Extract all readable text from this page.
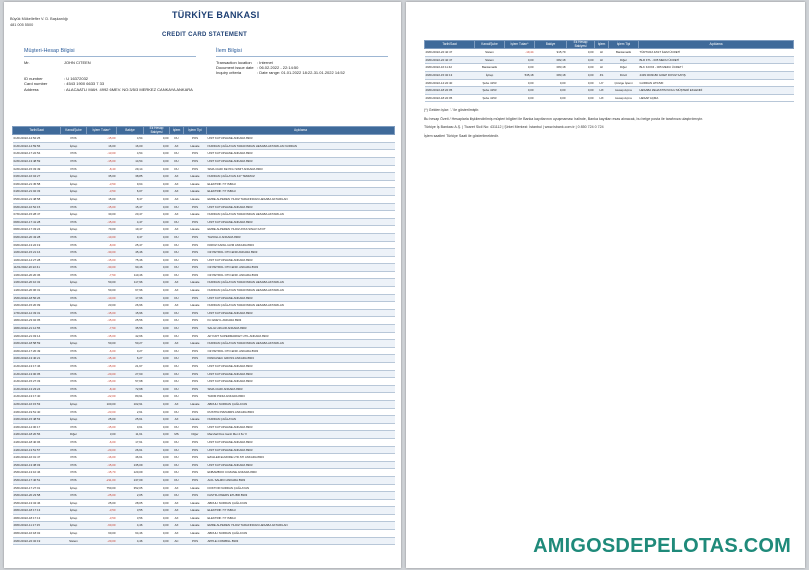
Büyük Mükellefler V. D. Başkanlığı
481 005 5500
TÜRKİYE BANKASI
CREDIT CARD STATEMENT
Müşteri-Hesap Bilgisi	İlem Bilgisi
Mr.	JOHN CITEEN
ID number	: U 16372032
Card number	: 4543 1900 6633 7 33
Address	: ALACAATLI MAH. 4992 6MEV. NO:3/5/3 MERKEZ CANKAYA ANKARA
Transaction location : Internet
Document issue date : 06.02.2022 - 22:14:50
Inquiry criteria	: Date range: 01.01.2022 18:22-31.01.2022 14:52
Tarih/Saat	Kanal/Şube	İşlem Tutarı*	Bakiye	Ek Hesap Bakiyesi	İşlem	İşlem Tipi	Açıklama
01/01/2022-14:52:25	POS	-15,00	4,54	0,00	DU	POS	UNIT KUTUPHANE ANKARA 8903
01/01/2022-14:59:56	İşCep	16,00	16,00	0,00	AX	Havale	NURDAN ÇAĞLAYAN TARAFINDAN HESABA AKTARILAN NURDAN
01/01/2022-17:22:54	POS	-13,00	4,54	0,00	DU	POS	UNIT KUTUPHANE ANKARA 8903
02/01/2022-13:48:59	POS	-15,00	14,54	0,00	DU	POS	UNIT KUTUPHANE ANKARA 8903
02/01/2022-15:33:49	POS	-8,40	29,14	0,00	DU	POS	SIMA CIADI KEYIFLI SIMIT ANKARA 8903
03/01/2022-16:04:27	İşCep	35,00	38,85	0,00	AX	Havale	NURDAN ÇAĞLAYAN 447 TEMMUZ
03/01/2022-21:45:58	İşCep	-3,50	9,64	0,00	AX	Havale	ELEKTRIK 7/7 ISBAU
04/01/2022-21:02:33	İşCep	-3,50	6,07	0,00	AX	Havale	ELEKTRIK 7/7 ISBAU
05/01/2022-21:48:58	İşCep	15,00	8,47	0,00	AX	Havale	EMRE ALPEREN YILDIZ TARAFINDAN HESABA AKTARILAN
06/01/2022-16:52:15	POS	-15,00	15,47	0,00	DU	POS	UNIT KUTUPHANE ANKARA 8903
07/01/2022-15:28:47	İşCep	30,00	20,47	0,00	AX	Havale	NURDAN ÇAĞLAYAN TARAFINDAN HESABA AKTARILAN
08/01/2022-17:41:28	POS	-15,00	4,47	0,00	DU	POS	UNIT KUTUPHANE ANKARA 8903
08/01/2022-17:33:24	İşCep	70,00	19,47	0,00	AX	Havale	EMRE ALPEREN YILDIZ ATAS SINAV KAYIT
09/01/2022-20:43:28	POS	-10,00	9,47	0,00	DU	POS	TAZOGLU ANKARA 8903
09/01/2022-13:22:19	POS	-8,00	25,47	0,00	DU	POS	KIRKIZ KAPALI AVM ANKARA 8903
10/01/2022-15:21:16	POS	-30,00	45,46	0,00	DU	POS	OZ PETROL OTO.ENR ANKARA 8903
10/01/2022-14:27:28	POS	-15,00	75,46	0,00	DU	POS	UNIT KUTUPHANE ANKARA 8903
11/01/2022-20:22:41	POS	-30,00	90,46	0,00	DU	POS	OZ PETROL OTO.ENR. ANKARA 8903
13/01/2022-20:20:36	POS	-7,50	110,46	0,00	DU	POS	OZ PETROL OTO.ENR. ANKARA 8903
13/01/2022-20:10:32	İşCep	50,00	117,96	0,00	AX	Havale	NURDAN ÇAĞLAYAN TARAFINDAN HESABA AKTARILAN
14/01/2022-20:06:31	İşCep	50,00	67,96	0,00	AX	Havale	NURDAN ÇAĞLAYAN TARAFINDAN HESABA AKTARILAN
15/01/2022-18:56:26	POS	-10,00	17,96	0,00	DU	POS	UNIT KUTUPHANE ANKARA 8903
16/01/2022-15:20:09	İşCep	23,00	26,96	0,00	AX	Havale	NURDAN ÇAĞLAYAN TARAFINDAN HESABA AKTARILAN
17/01/2022-12:33:31	POS	-15,00	15,96	0,00	DU	POS	UNIT KUTUPHANE ANKARA 8903
18/01/2022-23:02:05	POS	-15,00	25,56	0,00	DU	POS	KC ENEYL ANKARA 8903
18/01/2022-21:12:55	POS	-7,50	35,56	0,00	DU	POS	SALIH UZGUR ANKARA 8903
19/01/2022-21:03:14	POS	-15,00	42,66	0,00	DU	POS	AKYURT SUPERMARKET UTIL ANKARA 8903
20/01/2022-18:58:59	İşCep	50,00	50,27	0,00	AX	Havale	NURDAN ÇAĞLAYAN TARAFINDAN HESABA AKTARILAN
20/01/2022-17:20:49	POS	-6,00	0,27	0,00	DU	POS	OZ PETROL OTO.ENR. ANKARA 8903
20/01/2022-13:40:21	POS	-15,40	6,27	0,00	DU	POS	PANKASEC GROSS ANKARA 8903
21/01/2022-13:17:46	POS	-15,00	21,67	0,00	DU	POS	UNIT KUTUPHANE ANKARA 8903
21/01/2022-13:00:05	POS	-20,00	27,60	0,00	DU	POS	UNIT KUTUPHANE ANKARA 8903
21/01/2022-15:27:33	POS	-15,00	57,68	0,00	DU	POS	UNIT KUTUPHANE ANKARA 8903
21/01/2022-13:23:24	POS	-8,40	72,68	0,00	DU	POS	SIMA CIADI ANKARA 8903
21/01/2022-13:17:40	POS	-22,00	80,91	0,00	DU	POS	TADIM PIZZA ANKARA 8903
22/01/2022-16:15:53	İşCep	100,00	102,91	0,00	AX	Havale	ABDULI NURDAN ÇAĞLAYAN
23/01/2022-19:51:40	POS	-23,00	2,61	0,00	DU	POS	RUSTPA PIZZAMRS ANKARA 8903
23/01/2022-15:48:53	İşCep	25,00	25,61	0,00	AX	Havale	NURDAN ÇAĞLAYAN
23/01/2022-14:00:17	POS	-15,00	0,61	0,00	DU	POS	UNIT KUTUPHANE ANKARA 8903
24/01/2022-18:20:56	Diğer	3,00	11,61	0,00	MS	Diğer	Marshall Dos Isanli Mer.4 6s Yi
24/01/2022-18:40:06	POS	-6,00	17,61	0,00	DU	POS	UNIT KUTUPHANE ANKARA 8903
24/01/2022-13:51:57	POS	-20,00	26,61	0,00	DU	POS	UNIT KUTUPHANE ANKARA 8903
24/01/2022-16:01:47	POS	-16,00	46,61	0,00	DU	POS	EZGILER ELMORE LTD.STI ANKARA 8903
25/01/2022-13:38:03	POS	-15,00	135,09	0,00	DU	POS	UNIT KUTUPHANE ANKARA 8903
25/01/2022-13:10:46	POS	-15,70	120,09	0,00	DU	POS	ENBAMBOO COZANE ANKARA 8903
25/01/2022-17:46:51	POS	-211,00	137,09	0,00	DU	POS	ACIL SAHIKO ANKARA 8903
25/01/2022-17:27:01	İşCep	750,00	352,05	0,00	AX	Havale	DOKTOR NURDAN ÇAĞLAYAN
25/01/2022-20:23:58	POS	-25,00	2,05	0,00	DU	POS	FASTFLOWERS ETLIBR 8903
25/01/2022-13:34:46	İşCep	25,00	28,05	0,00	AX	Havale	ABDULI NURDAN ÇAĞLAYAN
28/01/2022-18:17:13	İşCep	-3,50	3,55	0,00	AX	Havale	ELEKTRIK 7/7 ISBAU
28/01/2022-18:17:13	İşCep	-3,50	3,56	0,00	AX	Havale	ELEKTRIK 7/7 ISBAU
28/01/2022-11:17:15	İşCep	-60,00	4,46	0,00	AX	Havale	EMRE ALPEREN YILDIZ TARAFINDAN HESABA AKTARILAN
28/01/2022-16:18:02	İşCep	60,00	64,46	0,00	AX	Havale	ABDULI NURDAN ÇAĞLAYAN
29/01/2022-22:32:19	Sistem	-20,00	4,46	0,00	AC	POS	APPLE.COM/BILL 8903
Tarih/Saat	Kanal/Şube	İşlem Tutarı*	Bakiye	Ek Hesap Bakiyesi	İşlem	İşlem Tipi	Açıklama
29/01/2022-22:42:47	Sistem	-19,44	915,79	0,00	HI	Bankamatik	TÜRTURA FAST İLEM ÜCRETİ
29/01/2022-22:42:47	Sistem	0,00	082,18	0,00	HI	Diğer	BLR FTL - 005 MEDU ÜCRETİ
29/01/2022-16:11:42	Bankamatik	0,00	083,18	0,00	HI	Diğer	BLK KAYDI - 005 MEDU ÜCRETİ
29/01/2022-15:32:13	İşCep	535,18	083,18	0,00	4S	Döviz	4439 0033180 GOEP DOVIZ SATIŞ
29/01/2022-14:22:40	Şube 4153	0,00	0,00	0,00	HY	Çizelge İşlemi	GURDAN HTF/MF
29/01/2022-18:22:05	Şube 4153	0,00	0,00	0,00	HX	Hesap Açma	HESABA ZEHASTIM NOLU MÜŞTERİ EKLENDİ
29/01/2022-18:22:05	Şube 4153	0,00	0,00	0,00	HX	Hesap Açma	HESAP AÇMA
(*) Gelden işlar: '-' ile gösterilmiştir.
Bu hesap Özeti / Hesaplarla ilişkilendirilmiş müşteri bilgileri ile Banka kayıtlarının uyuşmaması halinde, Banka kayıtları esas alınacak, bu belge posta ile tarafınıza ulaştırılmıştır.
Türkiye İş Bankası A.Ş. | Ticaret Sicil No: 431112 | Şirket Merkezi: İstanbul | www.isbank.com.tr | 0 850 724 0 724
İşlem saatleri Türkiye Saati ile gösterilmektedir.
AMIGOSDEPELOTAS.COM
